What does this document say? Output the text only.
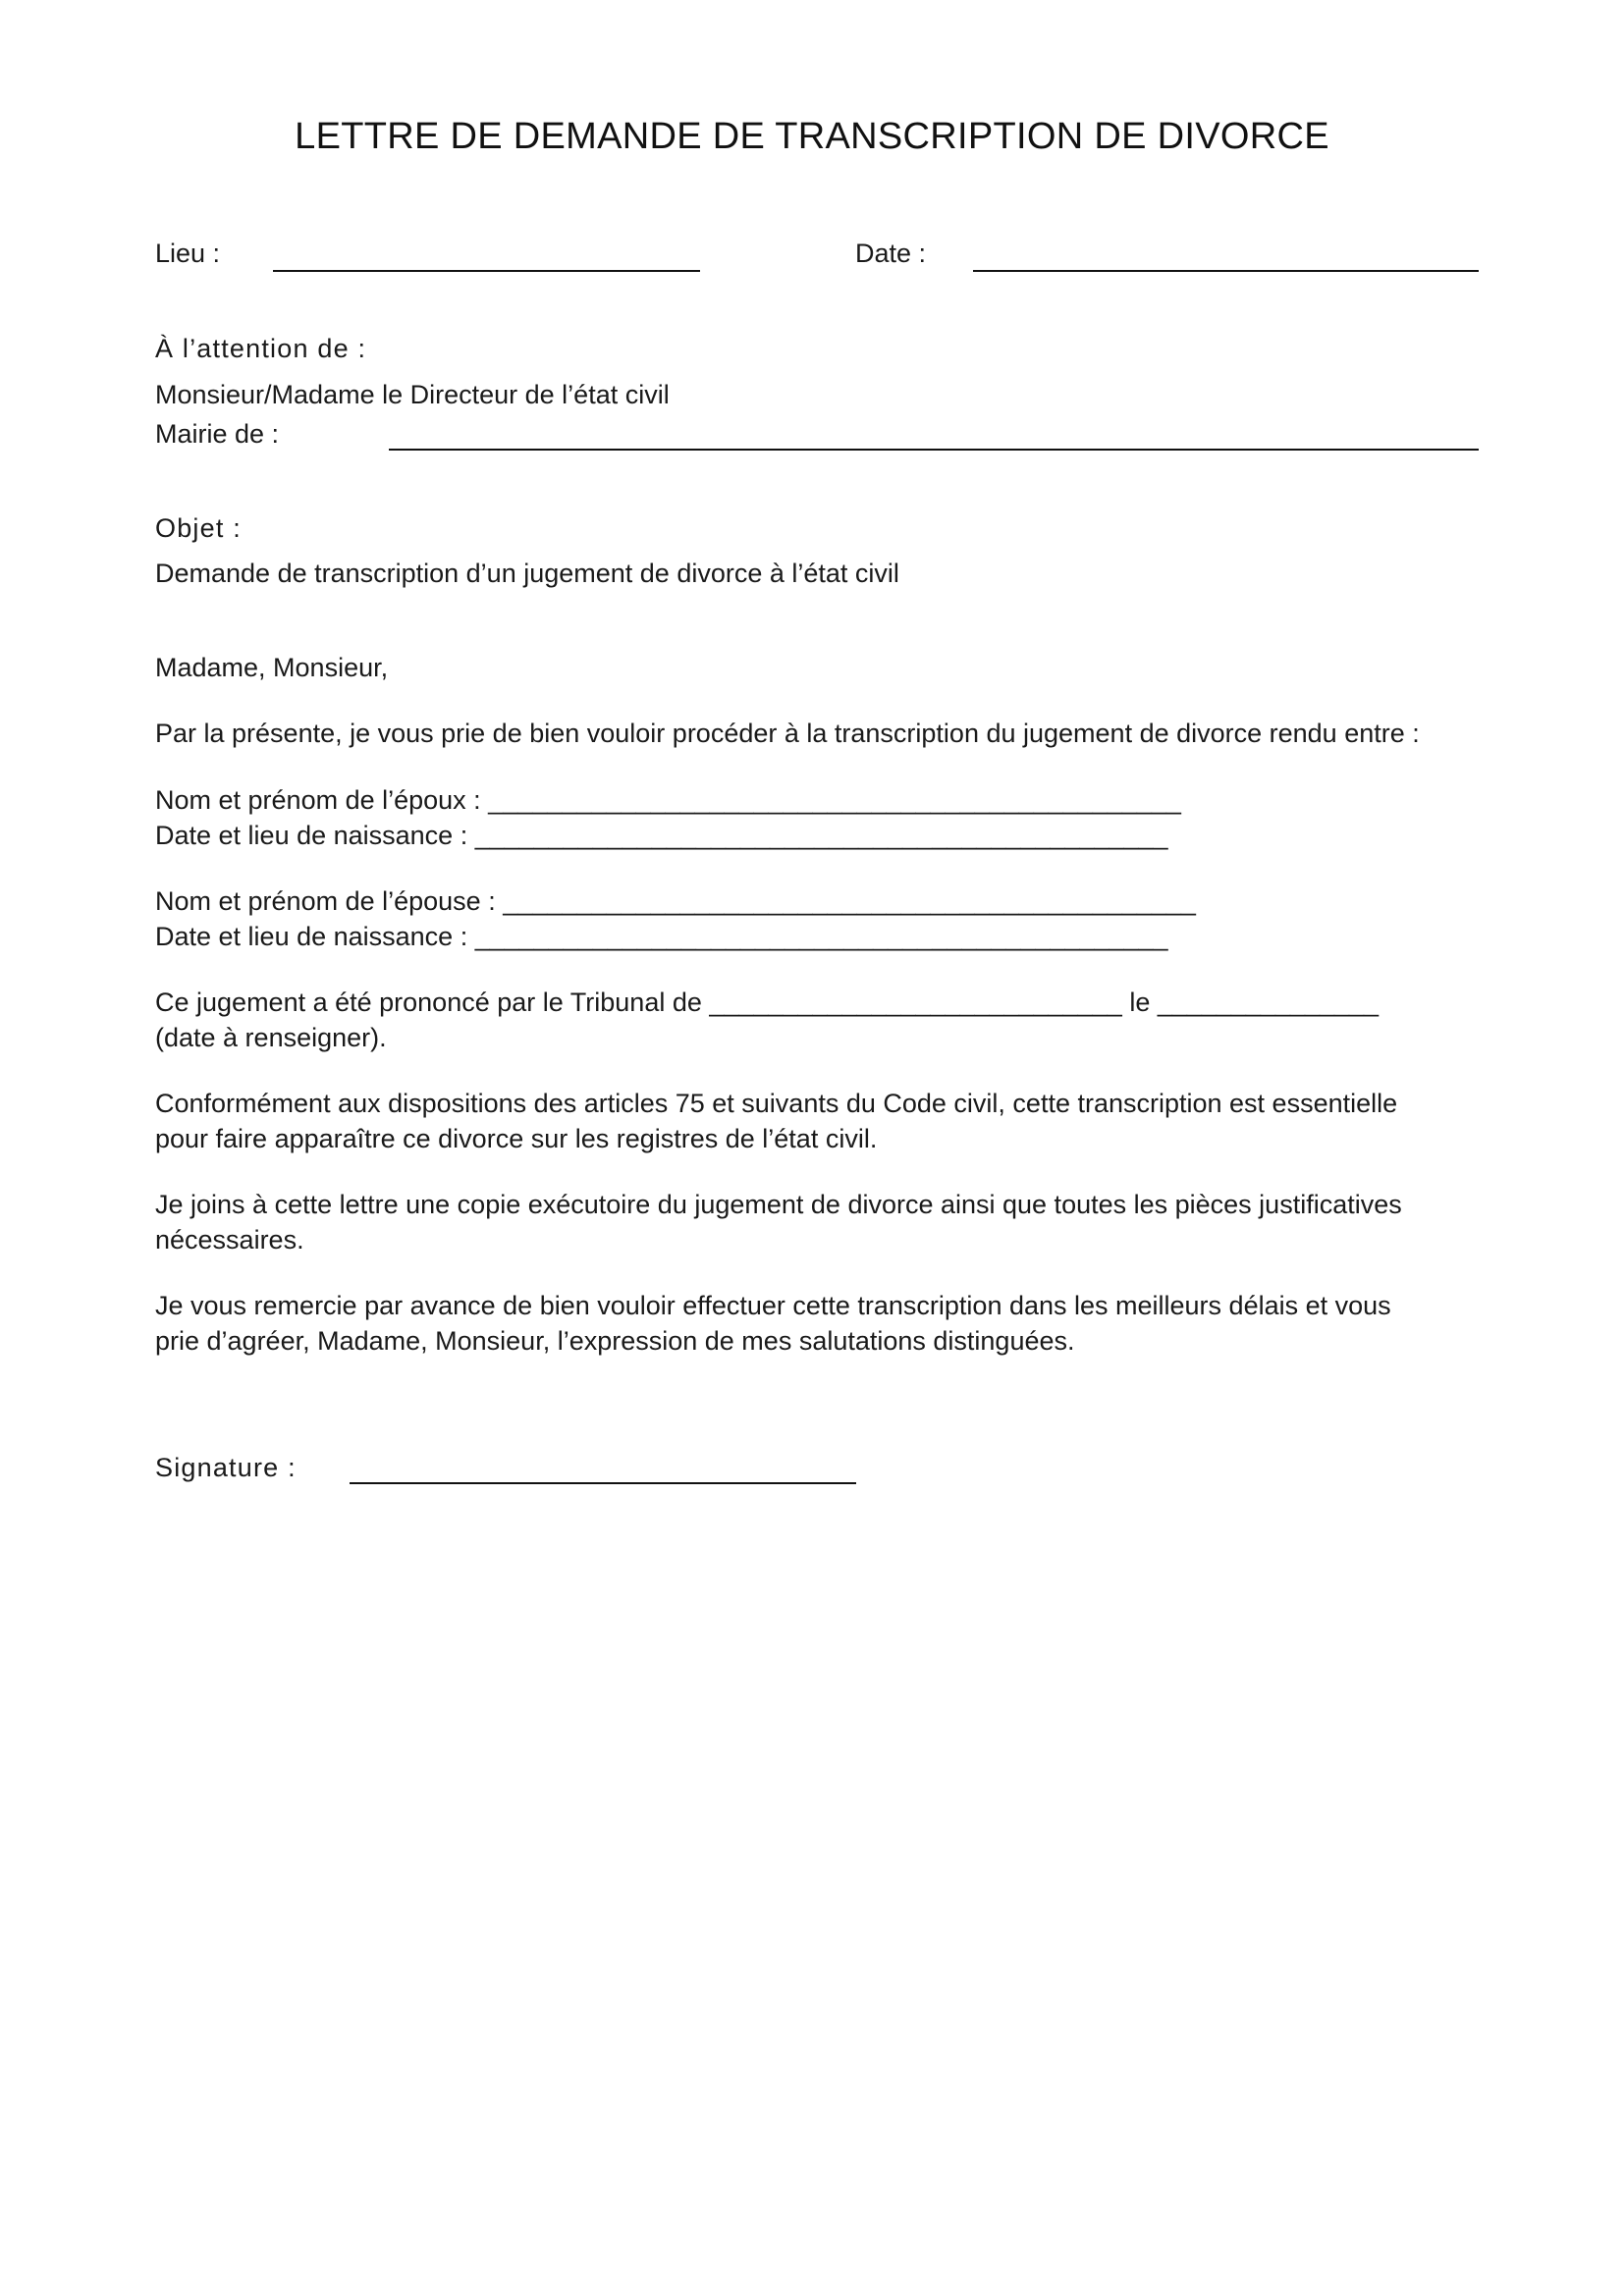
LETTRE DE DEMANDE DE TRANSCRIPTION DE DIVORCE
Lieu :	Date :
À l’attention de :
Monsieur/Madame le Directeur de l’état civil
Mairie de :
Objet :
Demande de transcription d’un jugement de divorce à l’état civil
Madame, Monsieur,
Par la présente, je vous prie de bien vouloir procéder à la transcription du jugement de divorce rendu entre :
Nom et prénom de l’époux : _______________________________________________
Date et lieu de naissance : _______________________________________________
Nom et prénom de l’épouse : _______________________________________________
Date et lieu de naissance : _______________________________________________
Ce jugement a été prononcé par le Tribunal de ____________________________ le _______________
(date à renseigner).
Conformément aux dispositions des articles 75 et suivants du Code civil, cette transcription est essentielle
pour faire apparaître ce divorce sur les registres de l’état civil.
Je joins à cette lettre une copie exécutoire du jugement de divorce ainsi que toutes les pièces justificatives
nécessaires.
Je vous remercie par avance de bien vouloir effectuer cette transcription dans les meilleurs délais et vous
prie d’agréer, Madame, Monsieur, l’expression de mes salutations distinguées.
Signature :
